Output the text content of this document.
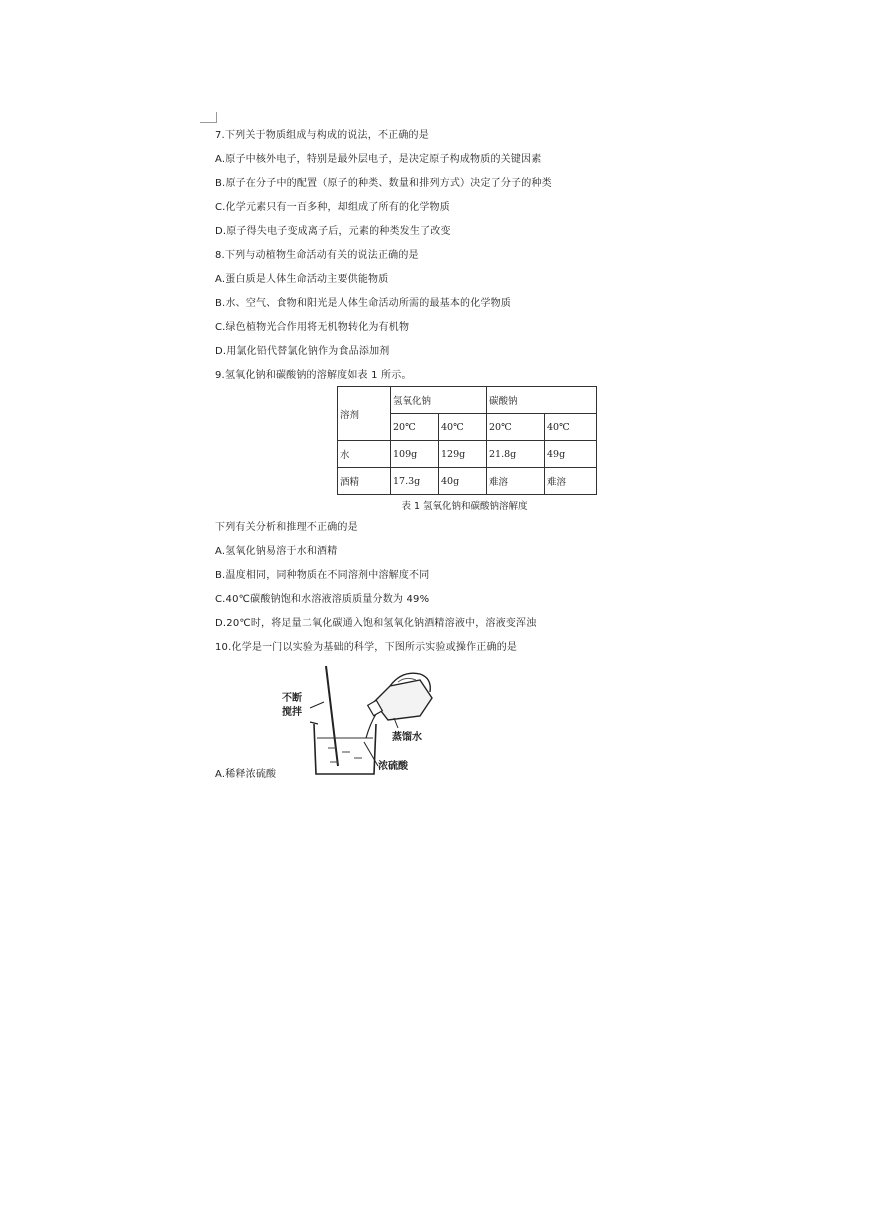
7.下列关于物质组成与构成的说法，不正确的是
A.原子中核外电子，特别是最外层电子，是决定原子构成物质的关键因素
B.原子在分子中的配置（原子的种类、数量和排列方式）决定了分子的种类
C.化学元素只有一百多种，却组成了所有的化学物质
D.原子得失电子变成离子后，元素的种类发生了改变
8.下列与动植物生命活动有关的说法正确的是
A.蛋白质是人体生命活动主要供能物质
B.水、空气、食物和阳光是人体生命活动所需的最基本的化学物质
C.绿色植物光合作用将无机物转化为有机物
D.用氯化铅代替氯化钠作为食品添加剂
9.氢氧化钠和碳酸钠的溶解度如表 1 所示。
溶剂	氢氧化钠		碳酸钠	
	20℃	40℃	20℃	40℃
水	109g	129g	21.8g	49g
酒精	17.3g	40g	难溶	难溶
表 1 氢氧化钠和碳酸钠溶解度
下列有关分析和推理不正确的是
A.氢氧化钠易溶于水和酒精
B.温度相同，同种物质在不同溶剂中溶解度不同
C.40℃碳酸钠饱和水溶液溶质质量分数为 49%
D.20℃时，将足量二氧化碳通入饱和氢氧化钠酒精溶液中，溶液变浑浊
10.化学是一门以实验为基础的科学，下图所示实验或操作正确的是
不断搅拌
蒸馏水
浓硫酸
A.稀释浓硫酸
